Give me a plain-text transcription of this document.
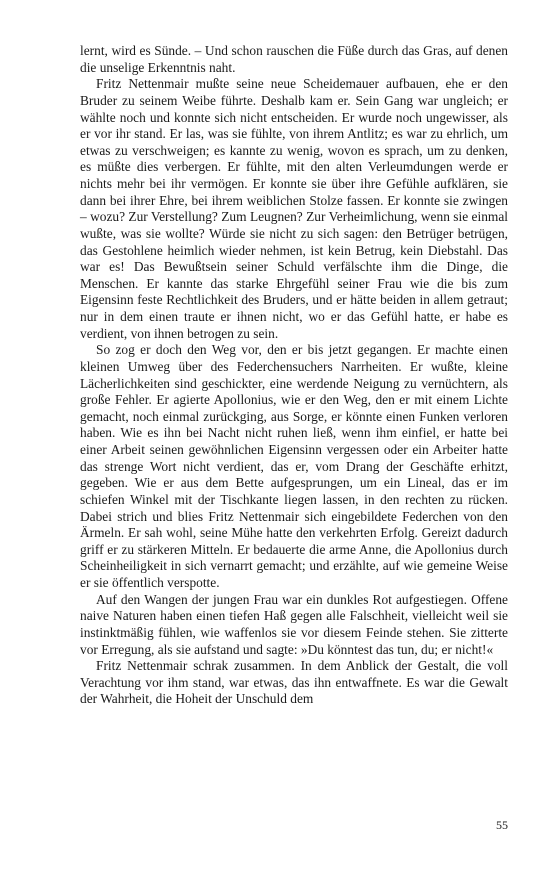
lernt, wird es Sünde. – Und schon rauschen die Füße durch das Gras, auf denen die unselige Erkenntnis naht.

Fritz Nettenmair mußte seine neue Scheidemauer aufbauen, ehe er den Bruder zu seinem Weibe führte. Deshalb kam er. Sein Gang war ungleich; er wählte noch und konnte sich nicht entscheiden. Er wurde noch ungewisser, als er vor ihr stand. Er las, was sie fühlte, von ihrem Antlitz; es war zu ehrlich, um etwas zu verschweigen; es kannte zu wenig, wovon es sprach, um zu denken, es müßte dies verbergen. Er fühlte, mit den alten Verleumdungen werde er nichts mehr bei ihr vermögen. Er konnte sie über ihre Gefühle aufklären, sie dann bei ihrer Ehre, bei ihrem weiblichen Stolze fassen. Er konnte sie zwingen – wozu? Zur Verstellung? Zum Leugnen? Zur Verheimlichung, wenn sie einmal wußte, was sie wollte? Würde sie nicht zu sich sagen: den Betrüger betrügen, das Gestohlene heimlich wieder nehmen, ist kein Betrug, kein Diebstahl. Das war es! Das Bewußtsein seiner Schuld verfälschte ihm die Dinge, die Menschen. Er kannte das starke Ehrgefühl seiner Frau wie die bis zum Eigensinn feste Rechtlichkeit des Bruders, und er hätte beiden in allem getraut; nur in dem einen traute er ihnen nicht, wo er das Gefühl hatte, er habe es verdient, von ihnen betrogen zu sein.

So zog er doch den Weg vor, den er bis jetzt gegangen. Er machte einen kleinen Umweg über des Federchensuchers Narrheiten. Er wußte, kleine Lächerlichkeiten sind geschickter, eine werdende Neigung zu vernüchtern, als große Fehler. Er agierte Apollonius, wie er den Weg, den er mit einem Lichte gemacht, noch einmal zurückging, aus Sorge, er könnte einen Funken verloren haben. Wie es ihn bei Nacht nicht ruhen ließ, wenn ihm einfiel, er hatte bei einer Arbeit seinen gewöhnlichen Eigensinn vergessen oder ein Arbeiter hatte das strenge Wort nicht verdient, das er, vom Drang der Geschäfte erhitzt, gegeben. Wie er aus dem Bette aufgesprungen, um ein Lineal, das er im schiefen Winkel mit der Tischkante liegen lassen, in den rechten zu rücken. Dabei strich und blies Fritz Nettenmair sich eingebildete Federchen von den Ärmeln. Er sah wohl, seine Mühe hatte den verkehrten Erfolg. Gereizt dadurch griff er zu stärkeren Mitteln. Er bedauerte die arme Anne, die Apollonius durch Scheinheiligkeit in sich vernarrt gemacht; und erzählte, auf wie gemeine Weise er sie öffentlich verspotte.

Auf den Wangen der jungen Frau war ein dunkles Rot aufgestiegen. Offene naive Naturen haben einen tiefen Haß gegen alle Falschheit, vielleicht weil sie instinktmäßig fühlen, wie waffenlos sie vor diesem Feinde stehen. Sie zitterte vor Erregung, als sie aufstand und sagte: »Du könntest das tun, du; er nicht!«

Fritz Nettenmair schrak zusammen. In dem Anblick der Gestalt, die voll Verachtung vor ihm stand, war etwas, das ihn entwaffnete. Es war die Gewalt der Wahrheit, die Hoheit der Unschuld dem

55
